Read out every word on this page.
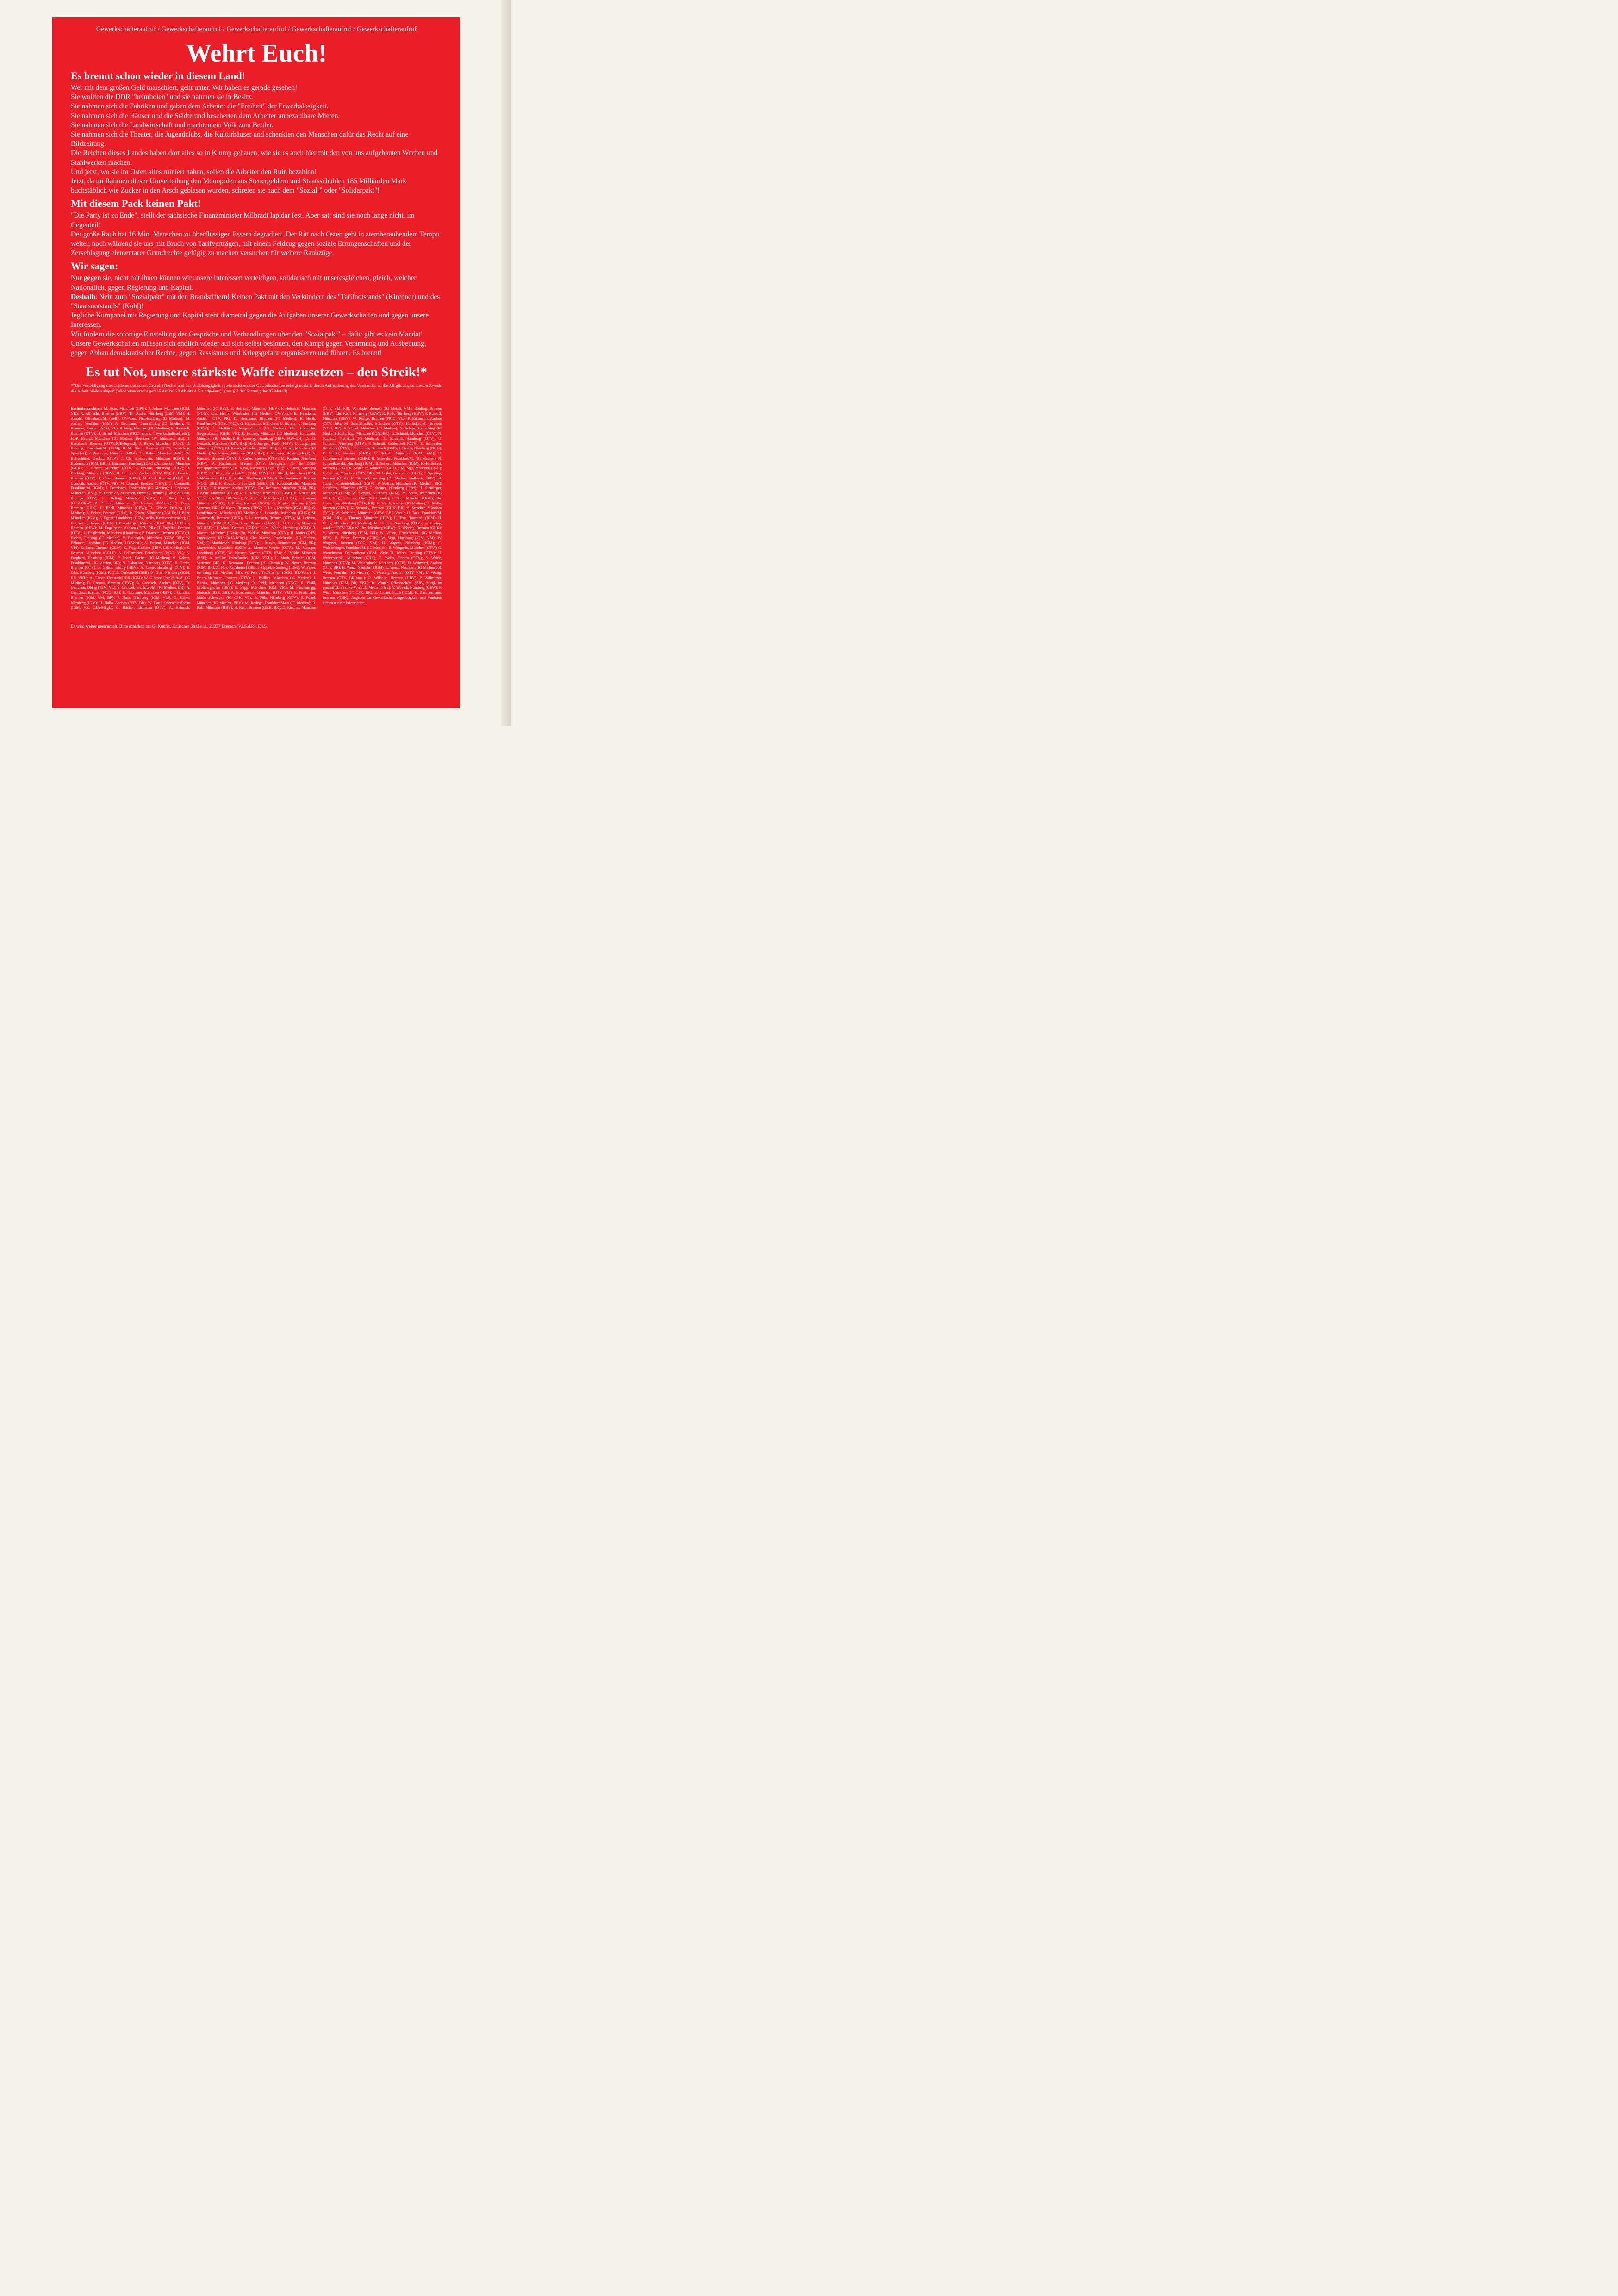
Gewerkschafteraufruf / Gewerkschafteraufruf / Gewerkschafteraufruf / Gewerkschafteraufruf / Gewerkschafteraufruf
Wehrt Euch!
Es brennt schon wieder in diesem Land!

Wer mit dem großen Geld marschiert, geht unter. Wir haben es gerade gesehen!

Sie wollten die DDR "heimholen" und sie nahmen sie in Besitz.

Sie nahmen sich die Fabriken und gaben dem Arbeiter die "Freiheit" der Erwerbslosigkeit.

Sie nahmen sich die Häuser und die Städte und bescherten dem Arbeiter unbezahlbare Mieten.

Sie nahmen sich die Landwirtschaft und machten ein Volk zum Bettler.

Sie nahmen sich die Theater, die Jugendclubs, die Kulturhäuser und schenkten den Menschen dafür das Recht auf eine Bildzeitung.

Die Reichen dieses Landes haben dort alles so in Klump gehauen, wie sie es auch hier mit den von uns aufgebauten Werften und Stahlwerken machen.

Und jetzt, wo sie im Osten alles ruiniert haben, sollen die Arbeiter den Ruin bezahlen!

Jetzt, da im Rahmen dieser Umverteilung den Monopolen aus Steuergeldern und Staatsschulden 185 Milliarden Mark buchstäblich wie Zucker in den Arsch geblasen wurden, schreien sie nach dem "Sozial-" oder "Solidarpakt"!

Mit diesem Pack keinen Pakt!

"Die Party ist zu Ende", stellt der sächsische Finanzminister Milbradt lapidar fest. Aber satt sind sie noch lange nicht, im Gegenteil!

Der große Raub hat 16 Mio. Menschen zu überflüssigen Essern degradiert. Der Ritt nach Osten geht in atemberaubendem Tempo weiter, noch während sie uns mit Bruch von Tarifverträgen, mit einem Feldzug gegen soziale Errungenschaften und der Zerschlagung elementarer Grundrechte gefügig zu machen versuchen für weitere Raubzüge.

Wir sagen:

Nur gegen sie, nicht mit ihnen können wir unsere Interessen verteidigen, solidarisch mit unseresgleichen, gleich, welcher Nationalität, gegen Regierung und Kapital.

Deshalb: Nein zum "Sozialpakt" mit den Brandstiftern! Keinen Pakt mit den Verkündern des "Tarifnotstands" (Kirchner) und des "Staatsnotstands" (Kohl)!

Jegliche Kumpanei mit Regierung und Kapital steht diametral gegen die Aufgaben unserer Gewerkschaften und gegen unsere Interessen.

Wir fordern die sofortige Einstellung der Gespräche und Verhandlungen über den "Sozialpakt" – dafür gibt es kein Mandat!

Unsere Gewerkschaften müssen sich endlich wieder auf sich selbst besinnen, den Kampf gegen Verarmung und Ausbeutung, gegen Abbau demokratischer Rechte, gegen Rassismus und Kriegsgefahr organisieren und führen. Es brennt!

Es tut Not, unsere stärkste Waffe einzusetzen – den Streik!*
*"Die Verteidigung dieser (demokratischen Grund-) Rechte und der Unabhängigkeit sowie Existenz der Gewerkschaften erfolgt notfalls durch Aufforderung des Vorstandes an die Mitglieder, zu diesem Zweck die Arbeit niederzulegen (Widerstandsrecht gemäß Artikel 20 Absatz 4 Grundgesetz)" (aus § 2 der Satzung der IG Metall).
Erstunterzeichner: M. Acar, München (DPG); J. Adam, München (IGM, VK); R. Albrecht, Bremen (HBV); Th. Andre, Nürnberg (IGM, VM); H. Arnold, Offenbach/M. (stellv. OV-Vors. Neu-Isenburg IG Medien); M. Arslan, Neufahrn (IGM); A. Baumann, Unterföhring (IG Medien); G. Benecke, Bremen (NGG, VL); B. Berg, Hamburg (IG Medien); R. Bernardi, Bremen (ÖTV); H. Bernd, München (NGG, ehem. Gewerkschaftssekretär); H.-P. Berndl, München (IG Medien, Beisitzer OV München, dju); J. Bertzbach, Bremen (ÖTV/DGB-Jugend); J. Beyer, München (ÖTV); D. Binding, Frankfurt/M. (IGM); H.-M. Birth, Bremen (GEW, Betriebsgr. Sprecher); F. Bissinger, München (HBV); Th. Böhm, München (BSE); W. Bollenhöfer, Dachau (ÖTV); J. Chr. Boissevain, München (IGM); H. Bodensohn (IGM, BR); J. Brammer, Hamburg (DPG); A. Brucker, München (GHK); B. Brown, München (ÖTV); J. Brzank, Nürnberg (HBV); B. Bücking, München (HBV); H. Buntrock, Aachen (ÖTV, PR); E. Busche, Bremen (ÖTV); F. Cakir, Bremen (GEW); M. Carl, Bremen (ÖTV); H. Conouth, Aachen (ÖTV, PR); M. Conrad, Bremen (GEW); G. Costarelli, Frankfurt/M. (IGM); J. Crombach, Lohkirchen (IG Medien); I. Crukovic, München (BSE); M. Curkovic, München, Dehmel, Bremen (IGM); A. Dick, Bremen (ÖTV); E. Dieling, München (NGG); C. Diney, Poing (ÖTV/GEW); R. Dittmar, München (IG Medien, BR-Vors.); G. Duda, Bremen (GHK); U. Ebell, München (GEW); R. Echner, Freising (IG Medien); B. Eckert, Bremen (GHK); R. Eckert, München (GGLF); H. Eder, München (IGM); F. Egeter, Landsberg (GEW, stellv. Kreisvorsitzender); F. Eisermann, Bremen (HBV); I. Eixenberger, München (IGM, BR); U. Elfers, Bremen (GEW); M. Engelhardt, Aachen (ÖTV, PR); H. Engelke, Bremen (ÖTV); L. Englbrecht, München (Hausfrau); P. Erlanson, Bremen (ÖTV); J. Escher, Freising (IG Medien); V. Eschenich, München (GEW, BR); W. Eßbauer, Landshut (IG Medien, LB-Vorst.); A. Eugeni, München (IGM, VM); S. Faust, Bremen (GEW); S. Feig, Koßlam (HBV, LBJA-Mitgl.); S. Feistner, München (GGLF); A. Fellermeier, Baierbrunn (NGG, VL); A. Forghani, Hamburg (IGM); P. Friedl, Dachau (IG Medien); M. Gahrtz, Frankfurt/M. (IG Medien, BR); N. Galambos, Nürnberg (ÖTV); B. Garbe, Bremen (ÖTV); F. Gelius, Icking (HBV); A. Giese, Hamburg (ÖTV); E. Glas, Nürnberg (IGM); F. Glas, Türkenfeld (BSE); N. Glas, Nürnberg (IGM, BR, VKL); A. Glaser, Hettstedt/DDR (IGM); W. Glötzer, Frankfurt/M. (IG Medien); B. Gronau, Bremen (HBV); B. Greatsch, Aachen (ÖTV); R. Graichen, Obing (IGM, VL); S. Grandel, Frankfurt/M. (IG Medien, BR); A. Grendysz, Bremen (NGG, BR); R. Grünauer, München (HBV); I. Gündüz, Bremen (IGM, VM, BR); P. Haas, Nürnberg (IGM, VM); G. Hable, Nürnberg (IGM); H. Hallo, Aachen (ÖTV, BR); W. Hartl, Oberschleißheim (IGM, VK, OJA-Mitgl.); G. Häcker, Eichenau (ÖTV); A. Heinrich, München (IG BSE); E. Heinrich, München (HBV); F. Heinrich, München (NGG); Chr. Heinz, Wiesbaden (IG Medien, OV-Vors.); B. Henckens, Aachen (ÖTV, PR); D. Herrmann, Bremen (IG Medien); R. Herth, Frankfurt/M. (IGM, VKL); G. Himonidis, München; U. Hörmann, Nürnberg (GEW); A. Holländer, Siegertsbrunn (IG Medien); Chr. Hollander, Siegertsbrunn (GHK, VK); E. Homey, München (IG Medien); H. Jacobi, München (IG Medien); R. Jarowoy, Hamburg (HBV, FGV-GH); Dr. D. Jentzsch, München (HBV, BR); H.-J. Joergen, Fürth (HBV); G. Junginger, München (ÖTV); Kl. Kaiser, München (IGM, BR); G. Kaiser, München (IG Medien); Kr. Kaiser, München (HBV, BR); E. Kameter, Holding (BSE); A. Kanuric, Bremen (ÖTV); J. Karbe, Bremen (ÖTV); M. Kastner, Nürnberg (HBV); A. Kaufmann, Bremen (ÖTV, Delegierter für die DGB-Kreisjugendkonferenz); H. Kaya, Nürnberg (IGM, BR); G. Killer, Nürnberg (HBV); H. Klee, Frankfurt/M. (IGM, BRV); Th. Klingl, München (IGM, VM/Vertreter, BR); K. Kollet, Nürnberg (IGM); S. Korzeniowski, Bremen (NGG, BR); F. Kotink, Gröbenzell (BSE); Th. Kotsabuikidis, München (GHK); I. Kottsieper, Aachen (ÖTV); Chr. Krähmer, München (IGM, BR); I. Kraft, München (ÖTV); K.-H. Kröger, Bremen (GDBSE); E. Kruisinger, Schöllnach (BSE, BR-Vors.); A. Krumm, München (IG CPK); L. Krumm, München (NGG); J. Kunte, Bremen (NGG); G. Kupfer, Bremen (IGM-Vertreter, BR); D. Kyora, Bremen (DPG); C. Lais, München (IGM, BR); G. Lambrinakos, München (IG Medien); S. Lasandis, München (GHK); M. Lauterbach, Bremen (GHK); S. Lauterbach, Bremen (ÖTV); M. Lehsten, München (IGM, BR); Chr. Loos, Bremen (GEW); K. H. Lorenz, München (IG BSE); H. Maas, Bremen (GHK); H.-M. Mach, Hamburg (IGM); B. Macura, München (IGM); Chr. Markus, München (ÖTV); H. Maier (ÖTV, Jugendvertr. KJA-BeJA-Mitgl.); Chr. Marme, Frankfurt/M. (IG Medien, VM); O. Matthießen, Hamburg (ÖTV); L. Mayer, Heimstetten (IGM, BR); Mayerhofer, München (BSE); A. Memeo, Weyhe (ÖTV); M. Metzger, Landsberg (ÖTV); W. Meurer, Aachen (ÖTV, VM); S. Milde, München (BSE); A. Müller, Frankfurt/M. (IGM, VKL); U. Muth, Bremen (IGM, Vertreter, BR); K. Neumann, Bremen (IG Chemie); W. Neyer, Bremen (IGM, BR); A. Noe, Aschheim (BSE); J. Oppel, Nürnberg (IGM); W. Payer, Ismaning (IG Medien, BR); W. Peter, Taufkirchen (NGG, BR-Vors.); J. Peters-Meissner, Forstern (ÖTV); B. Phillies, München (IG Medien); J. Pianka, München (IG Medien); R. Pirkl, München (NGG); R. Plößl, Großberghofen (BSE); E. Popp, München (IGM, VM); M. Poschamigg, Maisach (BSE, BR); A. Poschmann, München (ÖTV, VM); E. Prielmeier, Markt Schwaben (IG CPK, VL); B. Pülz, Nürnberg (ÖTV); S. Puttel, München (IG Medien, BRV); M. Radegh, Frankfurt/Main (IG Medien); R. Raff, München (HBV); H. Rath, Bremen (GHK, BR); D. Riedner, München (ÖTV, VM, PR); W. Rode, Bremen (IG Metall, VM); Röhling, Bremen (HBV); Chr. Roth, Nürnberg (GEW); R. Roth, Nürnberg (HBV); P. Ruhloff, München (HBV); W. Runge, Bremen (NGG, VL); P. Ruttmann, Aachen (ÖTV, BR); M. Schalkhaußer, München (ÖTV); H. Scheurell, Bremen (NGG, BR); S. Schiel, München (IG Medien); N. Schips, Herrsching (IG Medien); H. Schlögl, München (IGM, BR); G. Schmid, München (ÖTV); N. Schmidt, Frankfurt (IG Medien); Th. Schmidt, Hamburg (ÖTV); U. Schmidt, Nürnberg (ÖTV); P. Schmitt, Gröbenzell (ÖTV); E. Schneider, Nürnberg (ÖTV); J. Schreiner, Straßlach (BSE); I. Straub, Nürnberg (NGG); F. Schütz, Bremen (GHK); G. Schulz, München (IGM, VM); U. Schwagereit, Bremen (GHK); B. Schwahn, Frankfurt/M. (IG Medien); N. Schweikowski, Nürnberg (IGM); B. Seifert, München (IGM); K.-H. Seifert, Bremen (DPG); R. Selmeier, München (GGLF); M. Sigl, München (BSE); E. Smuda, München (ÖTV, BR); M. Sojka, Geretsried (GHK); J. Sperling, Bremen (ÖTV); H. Stampfl, Freising (IG Medien, stellvertr. BRV); B. Stangl, Fürstenfeldbruck (HBV); P. Steffan, München (IG Medien, BR); Steinberg, München (BSE); P. Steiner, Nürnberg (IGM); H. Steininger, Nürnberg (IGM); W. Stengel, Nürnberg (IGM); M. Stenz, München (IG CPK, VL); C. Steuer, Fürth (IG Chemie); S. Stier, München (HBV); Chr. Stockinger, Nürnberg (ÖTV, BR); H. Stoldt, Aachen (IG Medien); A. Stolle, Bremen (GEW); K. Stransky, Bremen (GHK, BR); S. Strecker, München (ÖTV); W. Ströhlein, München (GEW, GBR-Vors.); H. Tack, Frankfurt/M. (IGM, BR); L. Thurner, München (HBV); H. Treu, Tarnstedt (IGM); H. Ullah, München (IG Medien); M. Ullrich, Nürnberg (ÖTV); L. Upsing, Aachen (ÖTV, BR); W. Utz, Nürnberg (GEW); G. Vehring, Bremen (GHK); V. Veeser, Nürnberg (IGM, BR); W. Velten, Frankfurt/M. (IG Medien, BRV); B. Vendt, Bremen (GHK); W. Vogt, Hamburg (IGM, VM); W. Wagener, Bremen (DPG, VM); H. Wagner, Nürnberg (IGM); C. Waldenberger, Frankfurt/M. (IG Medien); B. Wangerin, München (ÖTV); G. Warrelmann, Delmenhorst (IGM, VM); H. Warm, Freising (ÖTV); U. Weberbartold, München (GHK); E. Wefer, Dorum (ÖTV); S. Weide, München (ÖTV); M. Weidenbach, Nürnberg (ÖTV); U. Weinzierl, Aachen (ÖTV, BR); H. Wenz, Neufahrn (IGM); L. Wenz, Neufahrn (IG Medien); R. Wenz, Neufahrn (IG Medien); V. Wessing, Aachen (ÖTV, VM); U. Wettig, Bremen (ÖTV, BR-Vors.); R. Wilhelm, Bremen (HBV); P. Willmitzer, München (IGM, BR, VKL); R. Winter, Offenbach/M. (BRV, Mitgl. im geschäftsf. Bezirks-Vorst. IG Medien Ffm.); V. Woelck, Nürnberg (GEW); F. Würl, München (IG CPK, BR); E. Zauner, Fürth (IGM); H. Zimmermann, Bremen (GHK). Angaben zu Gewerkschaftszugehörigkeit und Funktion dienen nur zur Information.
Es wird weiter gesammelt. Bitte schicken an: G. Kupfer, Kalischer Straße 11, 28237 Bremen (V.i.S.d.P.), E.i.S.
